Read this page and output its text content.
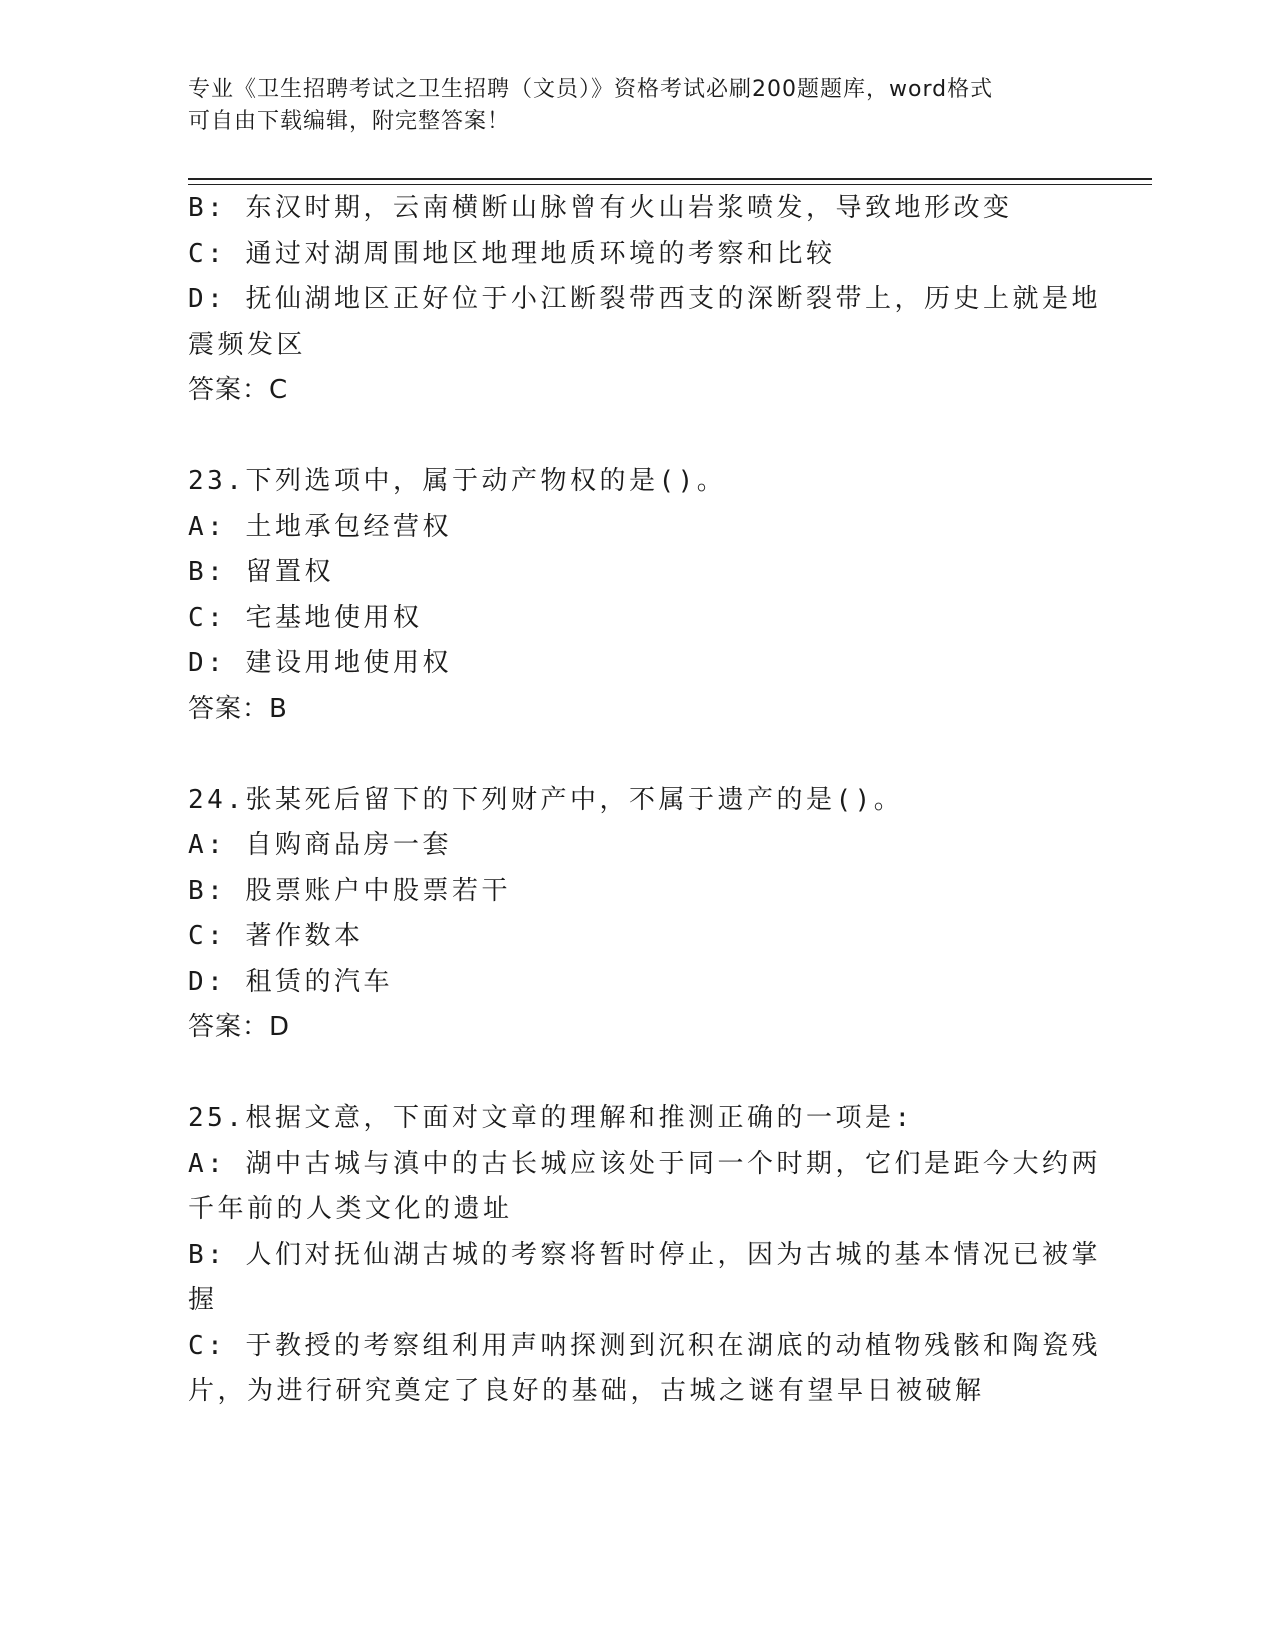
专业《卫生招聘考试之卫生招聘（文员）》资格考试必刷200题题库，word格式
可自由下载编辑，附完整答案！
B: 东汉时期，云南横断山脉曾有火山岩浆喷发，导致地形改变
C: 通过对湖周围地区地理地质环境的考察和比较
D: 抚仙湖地区正好位于小江断裂带西支的深断裂带上，历史上就是地
震频发区
答案：C
23.下列选项中，属于动产物权的是()。
A: 土地承包经营权
B: 留置权
C: 宅基地使用权
D: 建设用地使用权
答案：B
24.张某死后留下的下列财产中，不属于遗产的是()。
A: 自购商品房一套
B: 股票账户中股票若干
C: 著作数本
D: 租赁的汽车
答案：D
25.根据文意，下面对文章的理解和推测正确的一项是:
A: 湖中古城与滇中的古长城应该处于同一个时期，它们是距今大约两
千年前的人类文化的遗址
B: 人们对抚仙湖古城的考察将暂时停止，因为古城的基本情况已被掌
握
C: 于教授的考察组利用声呐探测到沉积在湖底的动植物残骸和陶瓷残
片，为进行研究奠定了良好的基础，古城之谜有望早日被破解
